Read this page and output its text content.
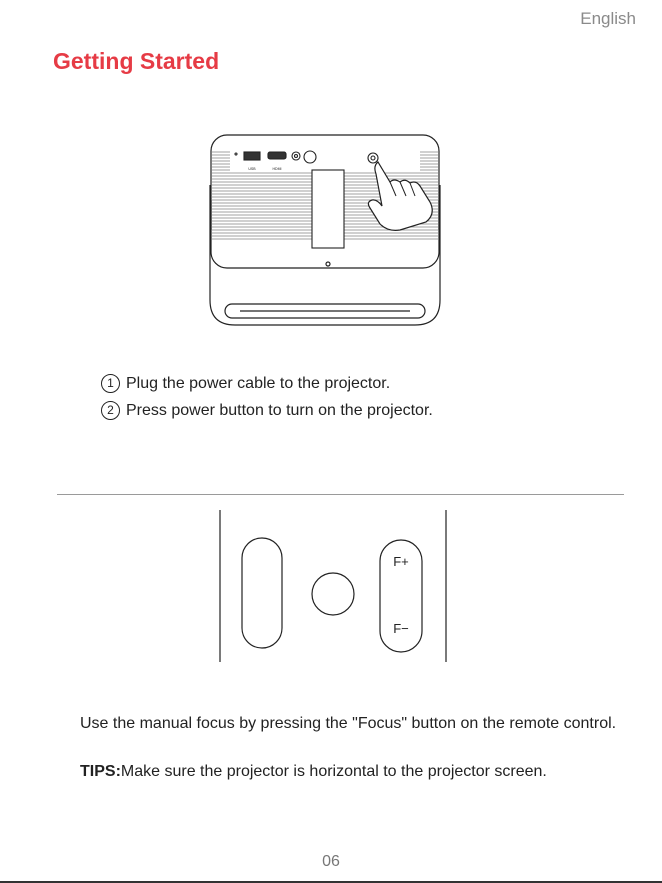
English
Getting Started
USB	HDMI
1 Plug the power cable to the projector.
2 Press power button to turn on the projector.
F+
F−
Use the manual focus by pressing the "Focus" button on the remote control.
TIPS:Make sure the projector is horizontal to the projector screen.
06
